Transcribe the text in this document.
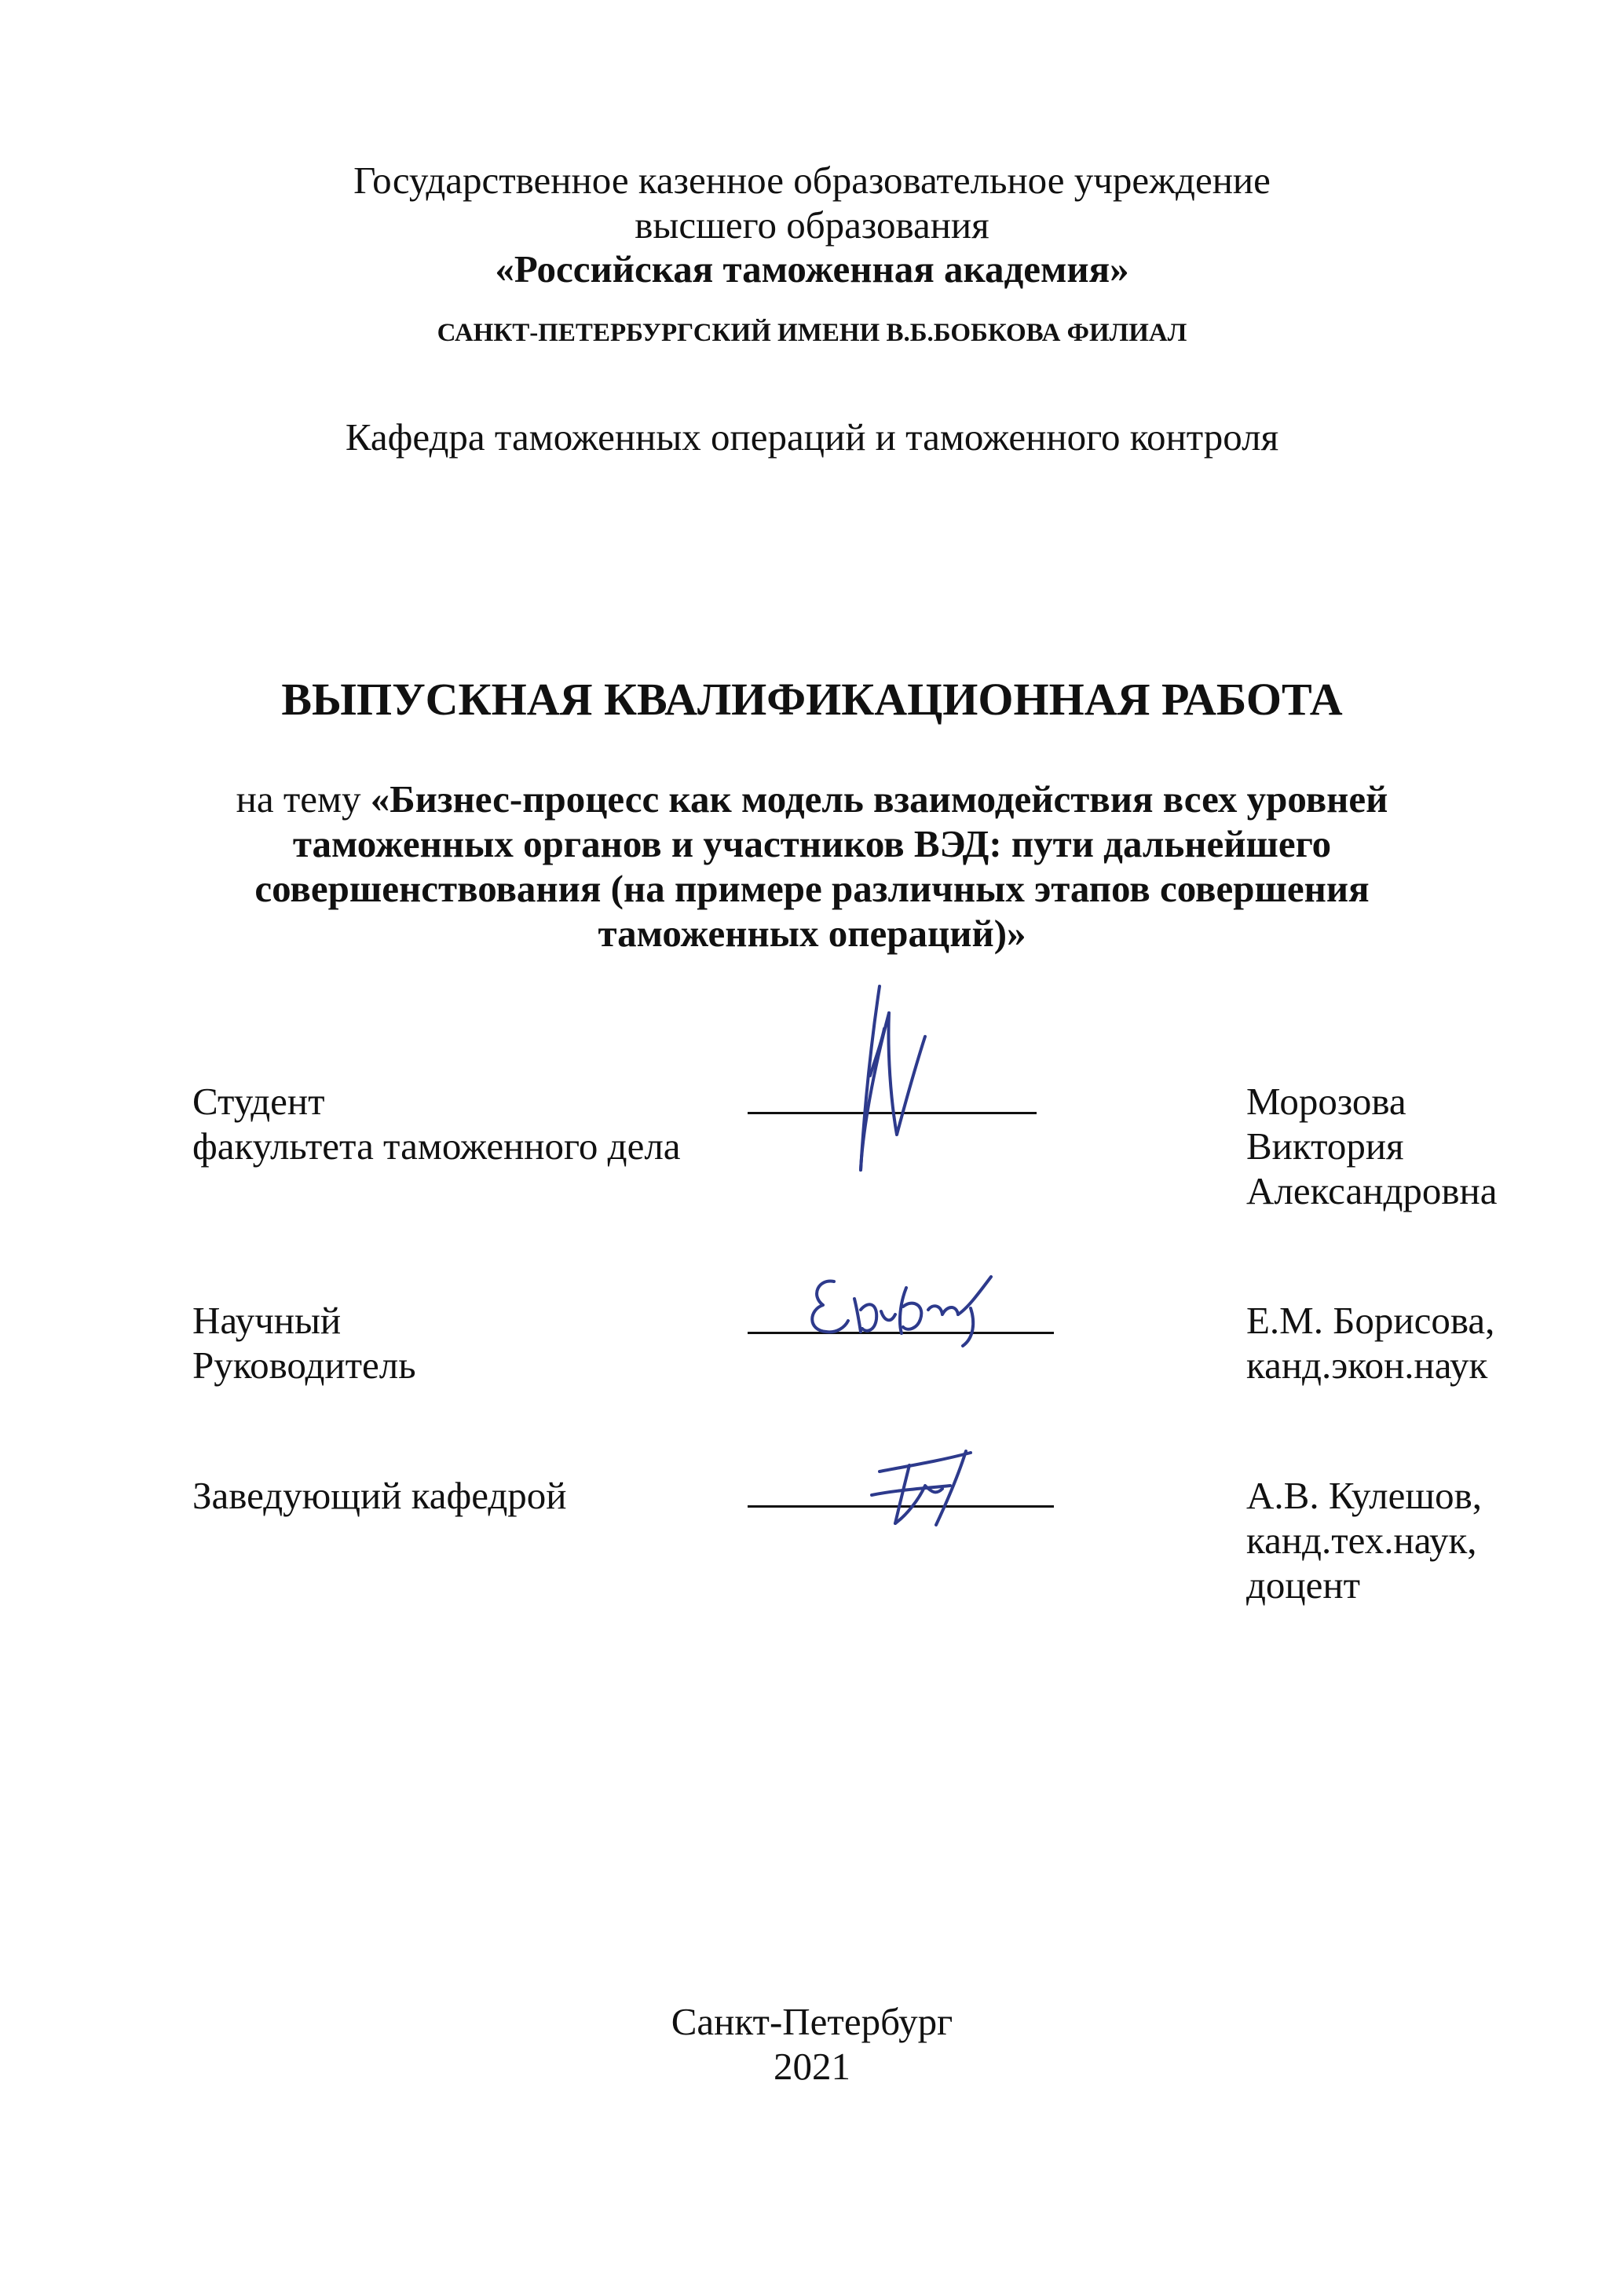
Государственное казенное образовательное учреждение
высшего образования
«Российская таможенная академия»
САНКТ-ПЕТЕРБУРГСКИЙ ИМЕНИ В.Б.БОБКОВА ФИЛИАЛ
Кафедра таможенных операций и таможенного контроля
ВЫПУСКНАЯ КВАЛИФИКАЦИОННАЯ РАБОТА
на тему «Бизнес-процесс как модель взаимодействия всех уровней
таможенных органов и участников ВЭД: пути дальнейшего
совершенствования (на примере различных этапов совершения
таможенных операций)»
Студент
факультета таможенного дела
Морозова
Виктория
Александровна
Научный
Руководитель
Е.М. Борисова,
канд.экон.наук
Заведующий кафедрой	А.В. Кулешов,
канд.тех.наук,
доцент
Санкт-Петербург
2021
